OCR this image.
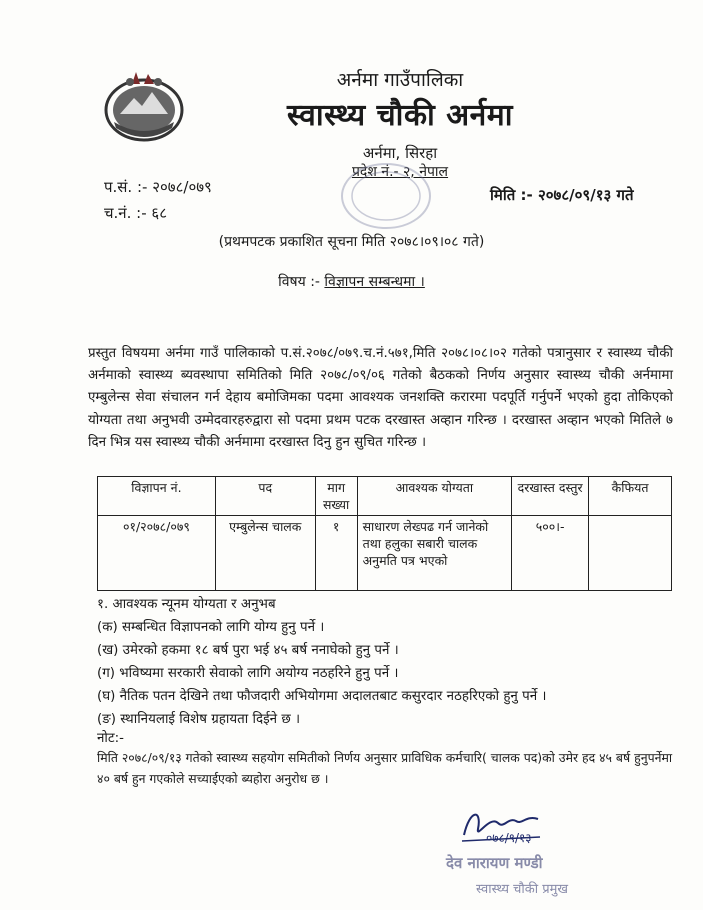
अर्नमा गाउँपालिका
स्वास्थ्य चौकी अर्नमा
अर्नमा, सिरहा
प्रदेश नं.- २, नेपाल
प.सं. :- २०७८/०७९
च.नं. :- ६८
मिति :- २०७८/०९/१३ गते
(प्रथमपटक प्रकाशित सूचना मिति २०७८।०९।०८ गते)
विषय :- विज्ञापन सम्बन्धमा ।
प्रस्तुत विषयमा अर्नमा गाउँ पालिकाको प.सं.२०७८/०७९.च.नं.५७१,मिति २०७८।०८।०२ गतेको पत्रानुसार र स्वास्थ्य चौकी अर्नमाको स्वास्थ्य ब्यवस्थापा समितिको मिति २०७८/०९/०६ गतेको बैठकको निर्णय अनुसार स्वास्थ्य चौकी अर्नमामा एम्बुलेन्स सेवा संचालन गर्न देहाय बमोजिमका पदमा आवश्यक जनशक्ति करारमा पदपूर्ति गर्नुपर्ने भएको हुदा तोकिएको योग्यता तथा अनुभवी उम्मेदवारहरुद्वारा सो पदमा प्रथम पटक दरखास्त अव्हान गरिन्छ । दरखास्त अव्हान भएको मितिले ७ दिन भित्र यस स्वास्थ्य चौकी अर्नमामा दरखास्त दिनु हुन सुचित गरिन्छ ।
विज्ञापन नं.	पद	माग सख्या	आवश्यक योग्यता	दरखास्त दस्तुर	कैफियत
०१/२०७८/०७९	एम्बुलेन्स चालक	१	साधारण लेख्पढ गर्न जानेको तथा हलुका सबारी चालक अनुमति पत्र भएको	५००।-	
१. आवश्यक न्यूनम योग्यता र अनुभब
(क) सम्बन्धित विज्ञापनको लागि योग्य हुनु पर्ने ।
(ख) उमेरको हकमा १८ बर्ष पुरा भई ४५ बर्ष ननाघेको हुनु पर्ने ।
(ग) भविष्यमा सरकारी सेवाको लागि अयोग्य नठहरिने हुनु पर्ने ।
(घ) नैतिक पतन देखिने तथा फौजदारी अभियोगमा अदालतबाट कसुरदार नठहरिएको हुनु पर्ने ।
(ङ) स्थानियलाई विशेष ग्रहायता दिईने छ ।
नोट:-
मिति २०७८/०९/१३ गतेको स्वास्थ्य सहयोग समितीको निर्णय अनुसार प्राविधिक कर्मचारि( चालक पद)को उमेर हद ४५ बर्ष हुनुपर्नेमा ४० बर्ष हुन गएकोले सच्याईएको ब्यहोरा अनुरोध छ ।
०७८/९/१३
देव नारायण मण्डी
स्वास्थ्य चौकी प्रमुख
